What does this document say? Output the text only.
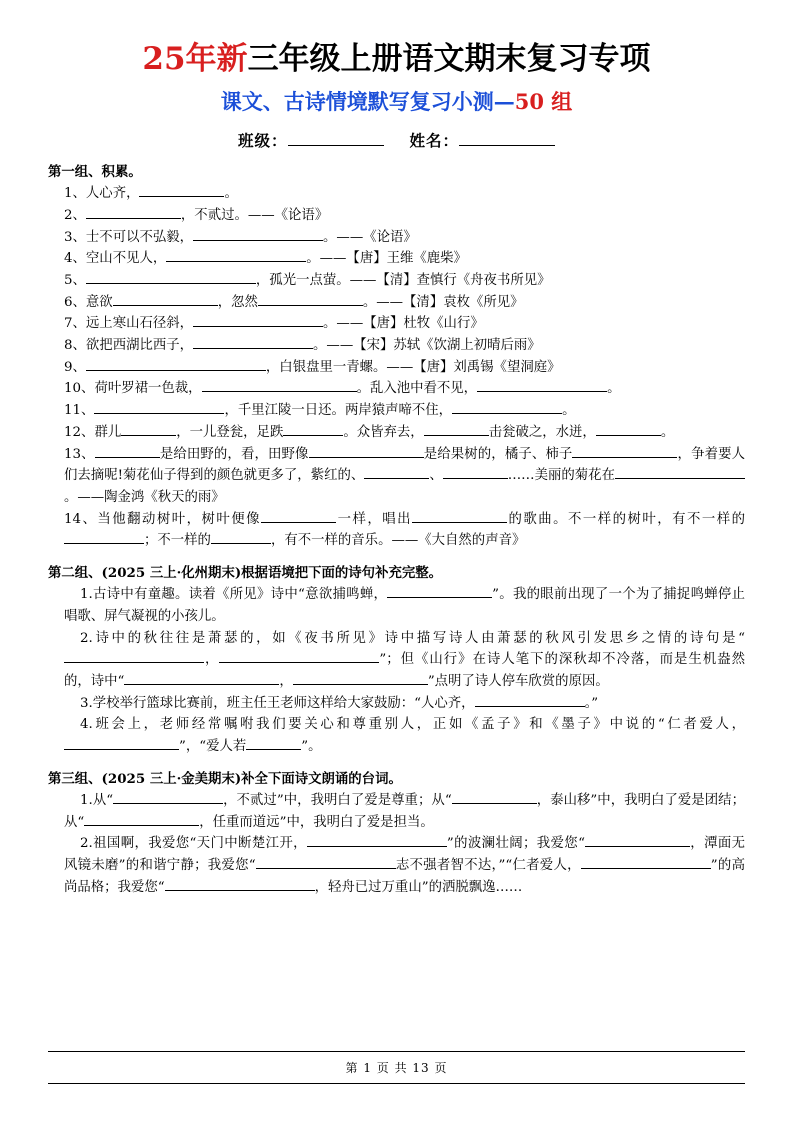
25年新三年级上册语文期末复习专项
课文、古诗情境默写复习小测—50 组
班级：	姓名：
第一组、积累。
1、人心齐，	。
2、	，不贰过。——《论语》
3、士不可以不弘毅，	。——《论语》
4、空山不见人，	。——【唐】王维《鹿柴》
5、	，孤光一点萤。——【清】查慎行《舟夜书所见》
6、意欲	，忽然	。——【清】袁枚《所见》
7、远上寒山石径斜，	。——【唐】杜牧《山行》
8、欲把西湖比西子，	。——【宋】苏轼《饮湖上初晴后雨》
9、	，白银盘里一青螺。——【唐】刘禹锡《望洞庭》
10、荷叶罗裙一色裁，	。乱入池中看不见，	。
11、	，千里江陵一日还。两岸猿声啼不住，	。
12、群儿	，一儿登瓮，足跌	。众皆弃去，	击瓮破之，水迸，	。
13、	是给田野的，看，田野像	是给果树的，橘子、柿子	，争着要人们去摘呢!菊花仙子得到的颜色就更多了，紫红的、	、	……美丽的菊花在。——陶金鸿《秋天的雨》
14、当他翻动树叶，树叶便像	一样，唱出	的歌曲。不一样的树叶，有不一样的；不一样的	，有不一样的音乐。——《大自然的声音》
第二组、(2025 三上·化州期末)根据语境把下面的诗句补充完整。
1.古诗中有童趣。读着《所见》诗中“意欲捕鸣蝉，	”。我的眼前出现了一个为了捕捉鸣蝉停止唱歌、屏气凝视的小孩儿。
2.诗中的秋往往是萧瑟的，如《夜书所见》诗中描写诗人由萧瑟的秋风引发思乡之情的诗句是“，	”；但《山行》在诗人笔下的深秋却不冷落，而是生机盎然的，诗中“	，	”点明了诗人停车欣赏的原因。
3.学校举行篮球比赛前，班主任王老师这样给大家鼓励：“人心齐，	。”
4.班会上，老师经常嘱咐我们要关心和尊重别人，正如《孟子》和《墨子》中说的“仁者爱人，”，“爱人若	”。
第三组、(2025 三上·金美期末)补全下面诗文朗诵的台词。
1.从“	，不贰过”中，我明白了爱是尊重；从“	，泰山移”中，我明白了爱是团结；从“	，任重而道远”中，我明白了爱是担当。
2.祖国啊，我爱您“天门中断楚江开，	”的波澜壮阔；我爱您“	，潭面无风镜未磨”的和谐宁静；我爱您“	志不强者智不达，”“仁者爱人，	”的高尚品格；我爱您“	，轻舟已过万重山”的洒脱飘逸……
第 1 页 共 13 页
